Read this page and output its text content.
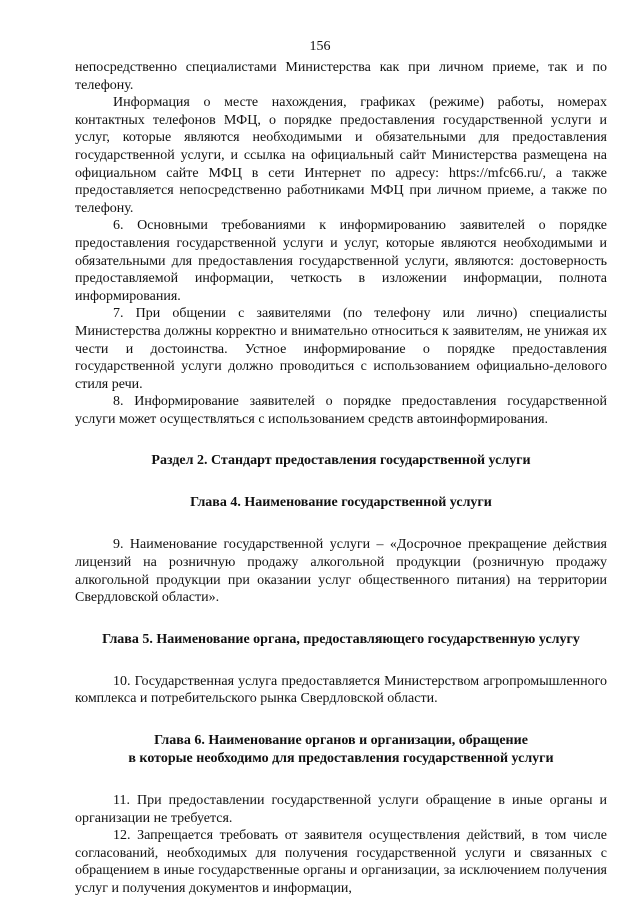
156

непосредственно специалистами Министерства как при личном приеме, так и по телефону.

Информация о месте нахождения, графиках (режиме) работы, номерах контактных телефонов МФЦ, о порядке предоставления государственной услуги и услуг, которые являются необходимыми и обязательными для предоставления государственной услуги, и ссылка на официальный сайт Министерства размещена на официальном сайте МФЦ в сети Интернет по адресу: https://mfc66.ru/, а также предоставляется непосредственно работниками МФЦ при личном приеме, а также по телефону.

6. Основными требованиями к информированию заявителей о порядке предоставления государственной услуги и услуг, которые являются необходимыми и обязательными для предоставления государственной услуги, являются: достоверность предоставляемой информации, четкость в изложении информации, полнота информирования.

7. При общении с заявителями (по телефону или лично) специалисты Министерства должны корректно и внимательно относиться к заявителям, не унижая их чести и достоинства. Устное информирование о порядке предоставления государственной услуги должно проводиться с использованием официально-делового стиля речи.

8. Информирование заявителей о порядке предоставления государственной услуги может осуществляться с использованием средств автоинформирования.

Раздел 2. Стандарт предоставления государственной услуги

Глава 4. Наименование государственной услуги

9. Наименование государственной услуги – «Досрочное прекращение действия лицензий на розничную продажу алкогольной продукции (розничную продажу алкогольной продукции при оказании услуг общественного питания) на территории Свердловской области».

Глава 5. Наименование органа, предоставляющего государственную услугу

10. Государственная услуга предоставляется Министерством агропромышленного комплекса и потребительского рынка Свердловской области.

Глава 6. Наименование органов и организации, обращение
в которые необходимо для предоставления государственной услуги

11. При предоставлении государственной услуги обращение в иные органы и организации не требуется.

12. Запрещается требовать от заявителя осуществления действий, в том числе согласований, необходимых для получения государственной услуги и связанных с обращением в иные государственные органы и организации, за исключением получения услуг и получения документов и информации,
